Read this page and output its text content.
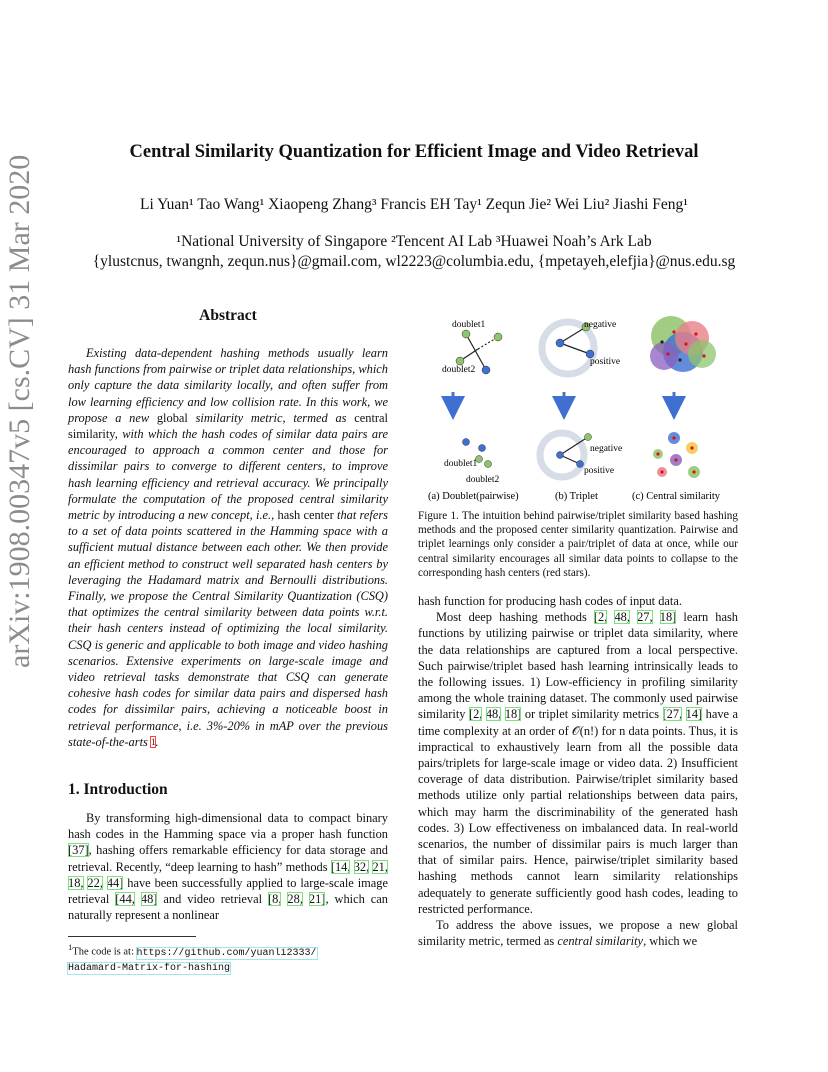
arXiv:1908.00347v5 [cs.CV] 31 Mar 2020
Central Similarity Quantization for Efficient Image and Video Retrieval
Li Yuan¹ Tao Wang¹ Xiaopeng Zhang³ Francis EH Tay¹ Zequn Jie² Wei Liu² Jiashi Feng¹
¹National University of Singapore ²Tencent AI Lab ³Huawei Noah’s Ark Lab
{ylustcnus, twangnh, zequn.nus}@gmail.com, wl2223@columbia.edu, {mpetayeh,elefjia}@nus.edu.sg
Abstract

Existing data-dependent hashing methods usually learn hash functions from pairwise or triplet data relationships, which only capture the data similarity locally, and often suffer from low learning efficiency and low collision rate. In this work, we propose a new global similarity metric, termed as central similarity, with which the hash codes of similar data pairs are encouraged to approach a common center and those for dissimilar pairs to converge to different centers, to improve hash learning efficiency and retrieval accuracy. We principally formulate the computation of the proposed central similarity metric by introducing a new concept, i.e., hash center that refers to a set of data points scattered in the Hamming space with a sufficient mutual distance between each other. We then provide an efficient method to construct well separated hash centers by leveraging the Hadamard matrix and Bernoulli distributions. Finally, we propose the Central Similarity Quantization (CSQ) that optimizes the central similarity between data points w.r.t. their hash centers instead of optimizing the local similarity. CSQ is generic and applicable to both image and video hashing scenarios. Extensive experiments on large-scale image and video retrieval tasks demonstrate that CSQ can generate cohesive hash codes for similar data pairs and dispersed hash codes for dissimilar pairs, achieving a noticeable boost in retrieval performance, i.e. 3%-20% in mAP over the previous state-of-the-arts $^1$.

1. Introduction

By transforming high-dimensional data to compact binary hash codes in the Hamming space via a proper hash function [37], hashing offers remarkable efficiency for data storage and retrieval. Recently, “deep learning to hash” methods [14, 32, 21, 18, 22, 44] have been successfully applied to large-scale image retrieval [44, 48] and video retrieval [8, 28, 21], which can naturally represent a nonlinear

$^1$The code is at: https://github.com/yuanli2333/
Hadamard-Matrix-for-hashing
doublet1
doublet2
negative
positive
doublet1
doublet2
negative
positive
(a) Doublet(pairwise)	(b) Triplet	(c) Central similarity
Figure 1. The intuition behind pairwise/triplet similarity based hashing methods and the proposed center similarity quantization. Pairwise and triplet learnings only consider a pair/triplet of data at once, while our central similarity encourages all similar data points to collapse to the corresponding hash centers (red stars).

hash function for producing hash codes of input data.

Most deep hashing methods [2, 48, 27, 18] learn hash functions by utilizing pairwise or triplet data similarity, where the data relationships are captured from a local perspective. Such pairwise/triplet based hash learning intrinsically leads to the following issues. 1) Low-efficiency in profiling similarity among the whole training dataset. The commonly used pairwise similarity [2, 48, 18] or triplet similarity metrics [27, 14] have a time complexity at an order of 𝒪(n!) for n data points. Thus, it is impractical to exhaustively learn from all the possible data pairs/triplets for large-scale image or video data. 2) Insufficient coverage of data distribution. Pairwise/triplet similarity based methods utilize only partial relationships between data pairs, which may harm the discriminability of the generated hash codes. 3) Low effectiveness on imbalanced data. In real-world scenarios, the number of dissimilar pairs is much larger than that of similar pairs. Hence, pairwise/triplet similarity based hashing methods cannot learn similarity relationships adequately to generate sufficiently good hash codes, leading to restricted performance.

To address the above issues, we propose a new global similarity metric, termed as central similarity, which we
